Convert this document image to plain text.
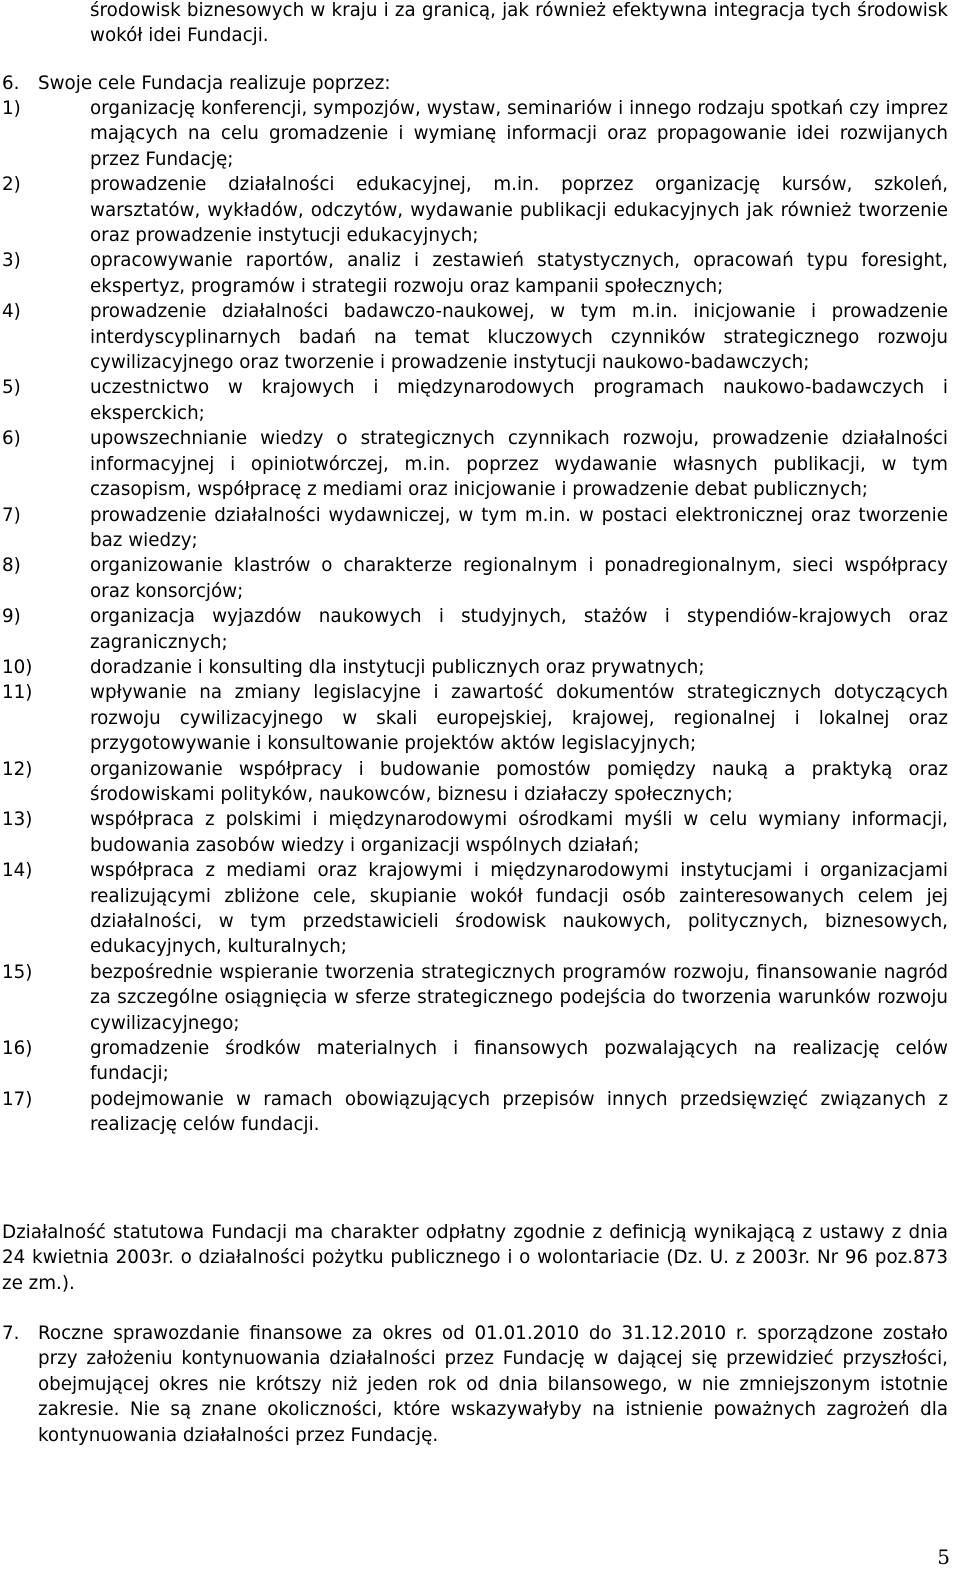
środowisk biznesowych w kraju i za granicą, jak również efektywna integracja tych środowisk wokół idei Fundacji.

6. Swoje cele Fundacja realizuje poprzez:
1)	organizację konferencji, sympozjów, wystaw, seminariów i innego rodzaju spotkań czy imprez mających na celu gromadzenie i wymianę informacji oraz propagowanie idei rozwijanych przez Fundację;
2)	prowadzenie działalności edukacyjnej, m.in. poprzez organizację kursów, szkoleń, warsztatów, wykładów, odczytów, wydawanie publikacji edukacyjnych jak również tworzenie oraz prowadzenie instytucji edukacyjnych;
3)	opracowywanie raportów, analiz i zestawień statystycznych, opracowań typu foresight, ekspertyz, programów i strategii rozwoju oraz kampanii społecznych;
4)	prowadzenie działalności badawczo-naukowej, w tym m.in. inicjowanie i prowadzenie interdyscyplinarnych badań na temat kluczowych czynników strategicznego rozwoju cywilizacyjnego oraz tworzenie i prowadzenie instytucji naukowo-badawczych;
5)	uczestnictwo w krajowych i międzynarodowych programach naukowo-badawczych i eksperckich;
6)	upowszechnianie wiedzy o strategicznych czynnikach rozwoju, prowadzenie działalności informacyjnej i opiniotwórczej, m.in. poprzez wydawanie własnych publikacji, w tym czasopism, współpracę z mediami oraz inicjowanie i prowadzenie debat publicznych;
7)	prowadzenie działalności wydawniczej, w tym m.in. w postaci elektronicznej oraz tworzenie baz wiedzy;
8)	organizowanie klastrów o charakterze regionalnym i ponadregionalnym, sieci współpracy oraz konsorcjów;
9)	organizacja wyjazdów naukowych i studyjnych, stażów i stypendiów-krajowych oraz zagranicznych;
10)	doradzanie i konsulting dla instytucji publicznych oraz prywatnych;
11)	wpływanie na zmiany legislacyjne i zawartość dokumentów strategicznych dotyczących rozwoju cywilizacyjnego w skali europejskiej, krajowej, regionalnej i lokalnej oraz przygotowywanie i konsultowanie projektów aktów legislacyjnych;
12)	organizowanie współpracy i budowanie pomostów pomiędzy nauką a praktyką oraz środowiskami polityków, naukowców, biznesu i działaczy społecznych;
13)	współpraca z polskimi i międzynarodowymi ośrodkami myśli w celu wymiany informacji, budowania zasobów wiedzy i organizacji wspólnych działań;
14)	współpraca z mediami oraz krajowymi i międzynarodowymi instytucjami i organizacjami realizującymi zbliżone cele, skupianie wokół fundacji osób zainteresowanych celem jej działalności, w tym przedstawicieli środowisk naukowych, politycznych, biznesowych, edukacyjnych, kulturalnych;
15)	bezpośrednie wspieranie tworzenia strategicznych programów rozwoju, finansowanie nagród za szczególne osiągnięcia w sferze strategicznego podejścia do tworzenia warunków rozwoju cywilizacyjnego;
16)	gromadzenie środków materialnych i finansowych pozwalających na realizację celów fundacji;
17)	podejmowanie w ramach obowiązujących przepisów innych przedsięwzięć związanych z realizację celów fundacji.

Działalność statutowa Fundacji ma charakter odpłatny zgodnie z definicją wynikającą z ustawy z dnia 24 kwietnia 2003r. o działalności pożytku publicznego i o wolontariacie (Dz. U. z 2003r. Nr 96 poz.873 ze zm.).

7.	Roczne sprawozdanie finansowe za okres od 01.01.2010 do 31.12.2010 r. sporządzone zostało przy założeniu kontynuowania działalności przez Fundację w dającej się przewidzieć przyszłości, obejmującej okres nie krótszy niż jeden rok od dnia bilansowego, w nie zmniejszonym istotnie zakresie. Nie są znane okoliczności, które wskazywałyby na istnienie poważnych zagrożeń dla kontynuowania działalności przez Fundację.
5
